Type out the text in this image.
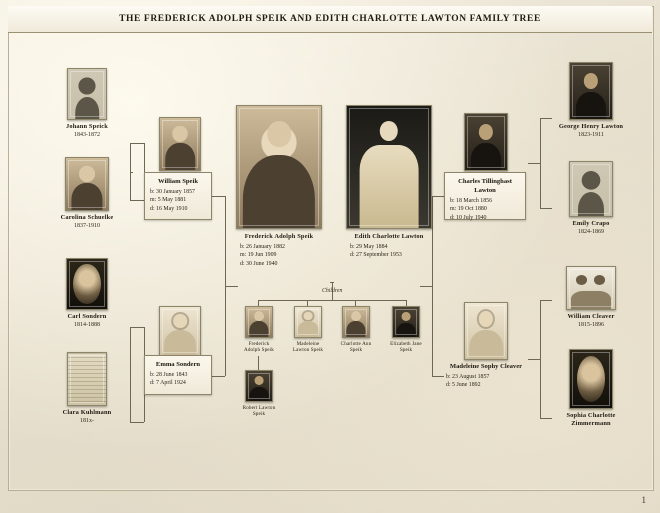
THE FREDERICK ADOLPH SPEIK AND EDITH CHARLOTTE LAWTON FAMILY TREE
Johann Speick
1843-1872
Carolina Schuelke
1837-1910
Carl Sondern
1814-1888
Clara Kuhlmann
181x-
William Speik
b: 30 January 1857
m: 5 May 1881
d: 16 May 1910
Emma Sondern
b: 28 June 1843
d: 7 April 1924
Frederick Adolph Speik
b: 26 January 1882
m: 19 Jun 1909
d: 30 June 1940
Edith Charlotte Lawton
b: 29 May 1884
d: 27 September 1953
Children
Frederick Adolph Speik
Madeleine Lawton Speik
Charlotte Ann Speik
Elizabeth Jane Speik
Robert Lawton Speik
Charles Tillinghast Lawton
b: 18 March 1856
m: 19 Oct 1880
d: 10 July 1940
Madeleine Sophy Cleaver
b: 23 August 1857
d: 5 June 1892
George Henry Lawton
1823-1911
Emily Crapo
1824-1869
William Cleaver
1815-1896
Sophia Charlotte Zimmermann
1
